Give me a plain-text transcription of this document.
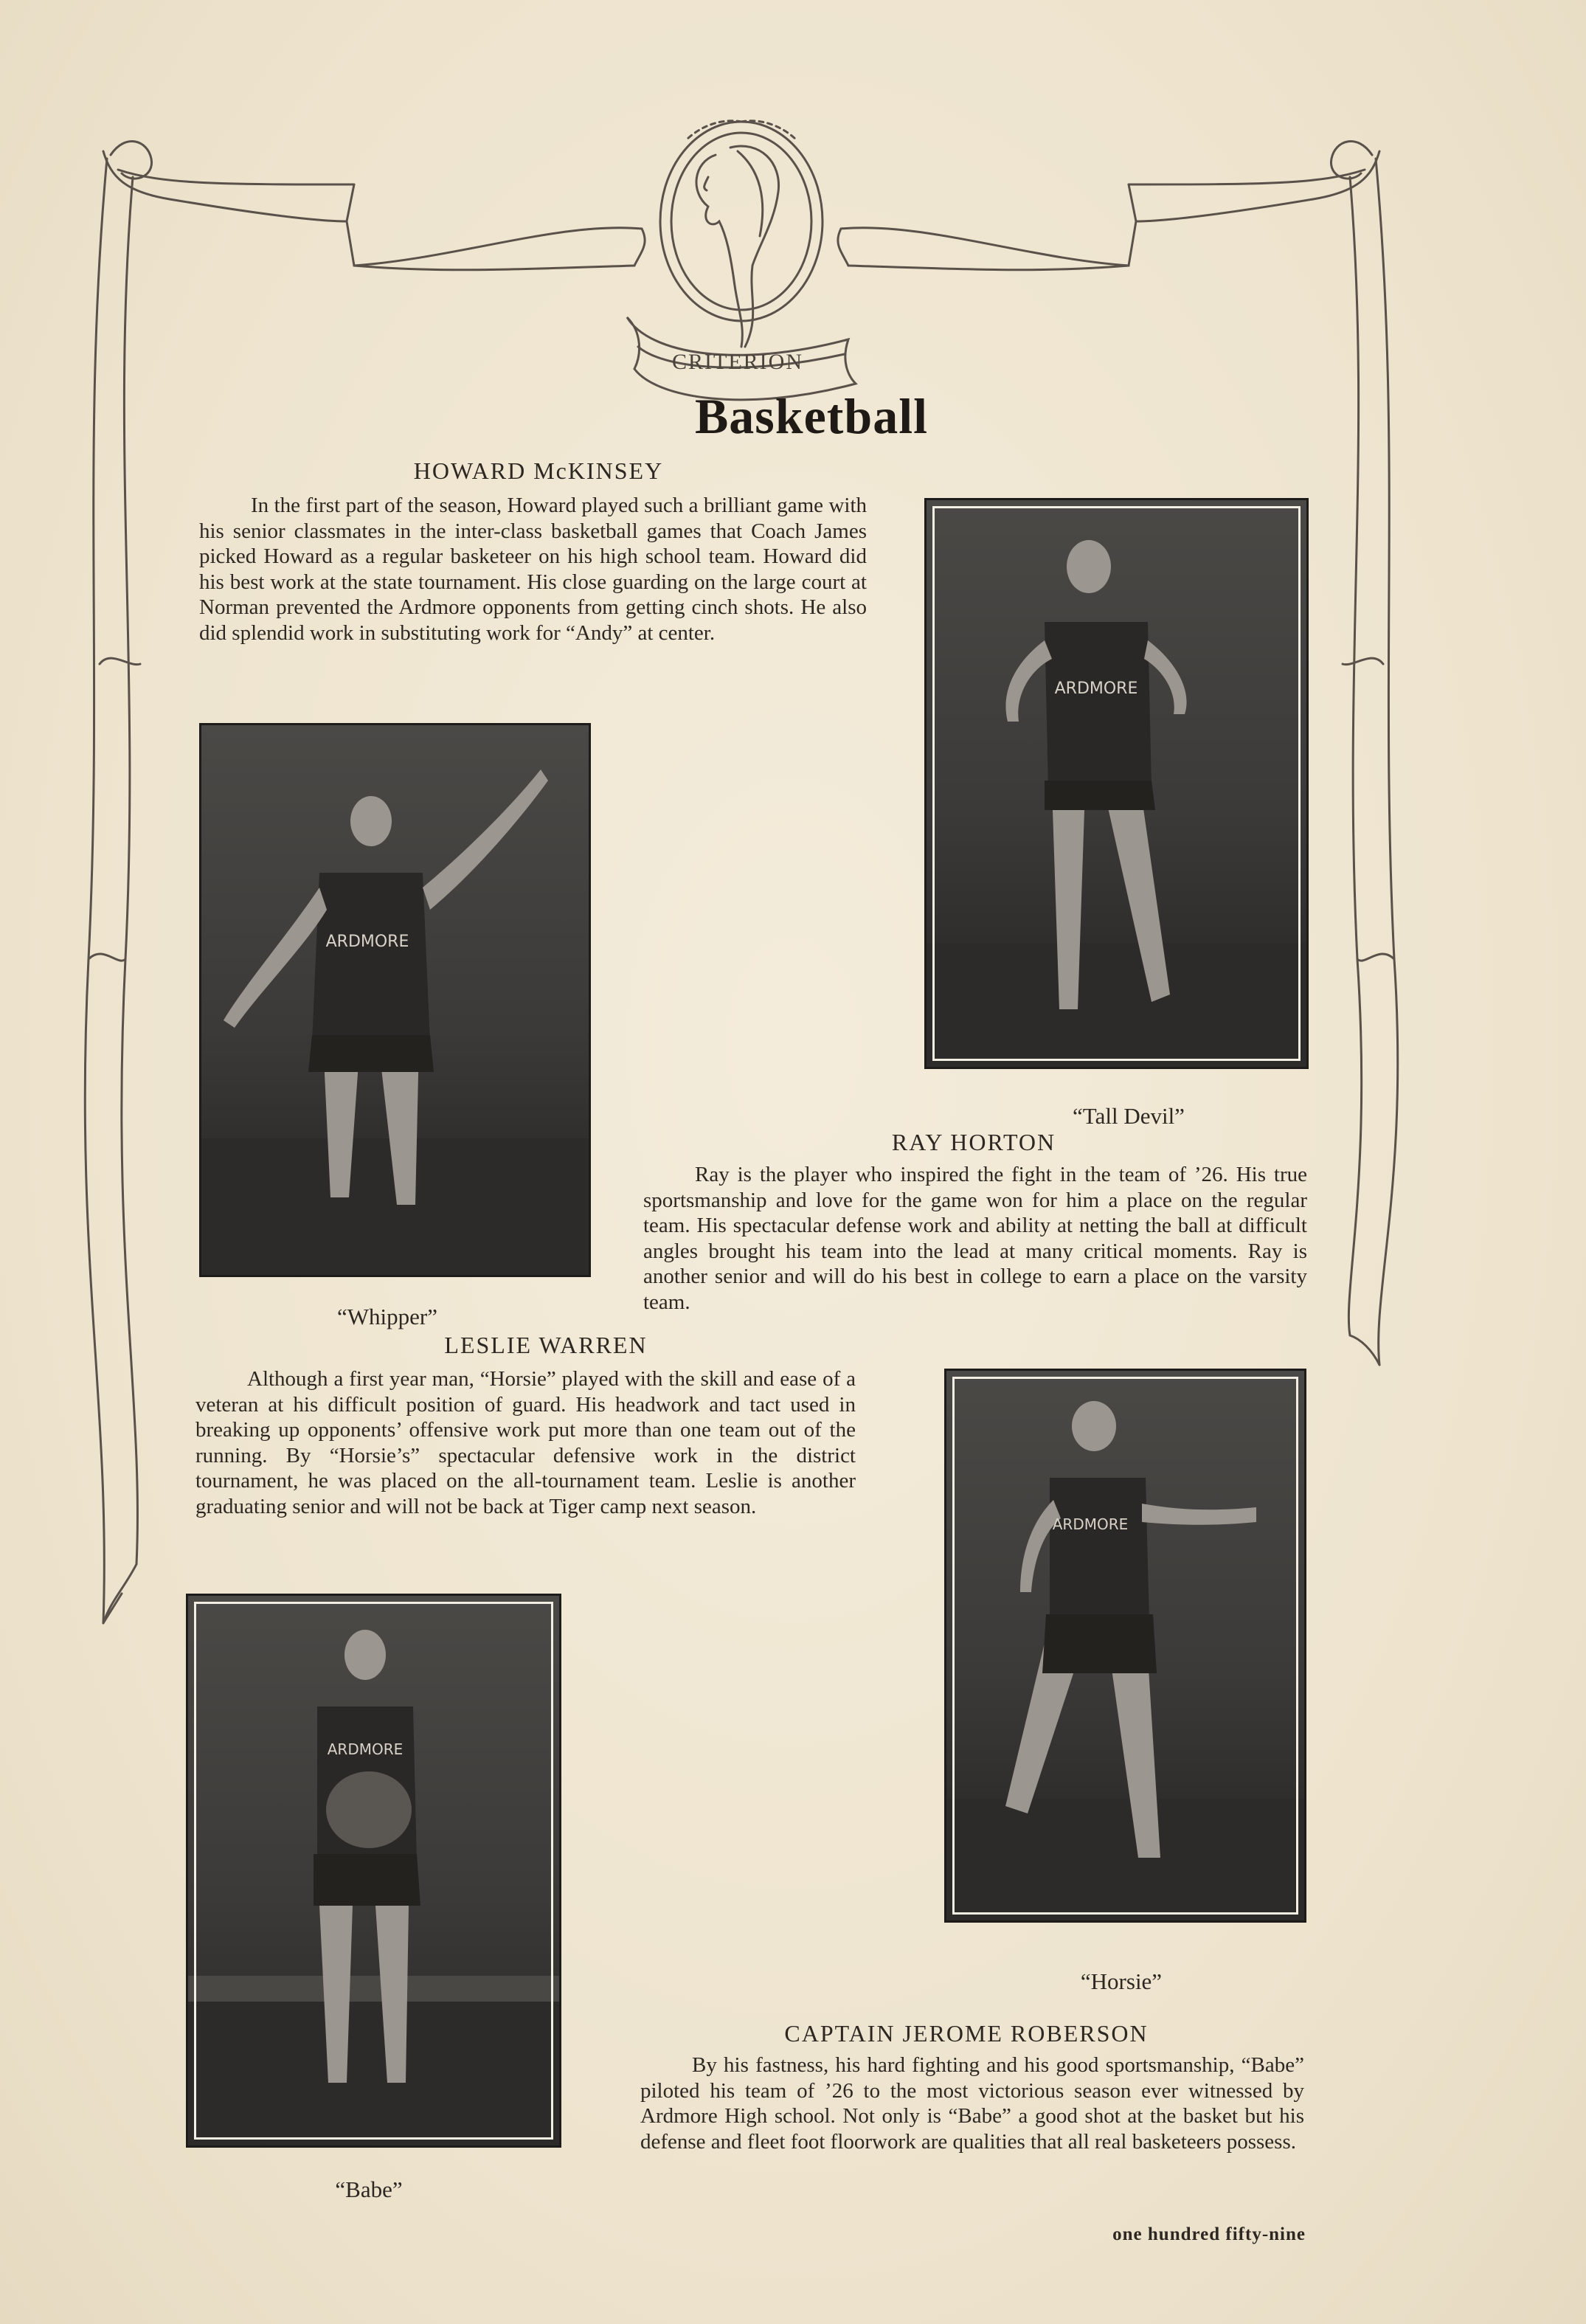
CRITERION
Basketball
HOWARD McKINSEY
In the first part of the season, Howard played such a brilliant game with his senior classmates in the inter-class basketball games that Coach James picked Howard as a regular basketeer on his high school team. Howard did his best work at the state tournament. His close guarding on the large court at Norman prevented the Ardmore opponents from getting cinch shots. He also did splendid work in substituting work for “Andy” at center.
ARDMORE
“Whipper”
ARDMORE
“Tall Devil”
RAY HORTON
Ray is the player who inspired the fight in the team of ’26. His true sportsmanship and love for the game won for him a place on the regular team. His spectacular defense work and ability at netting the ball at difficult angles brought his team into the lead at many critical moments. Ray is another senior and will do his best in college to earn a place on the varsity team.
LESLIE WARREN
Although a first year man, “Horsie” played with the skill and ease of a veteran at his difficult position of guard. His headwork and tact used in breaking up opponents’ offensive work put more than one team out of the running. By “Horsie’s” spectacular defensive work in the district tournament, he was placed on the all-tournament team. Leslie is another graduating senior and will not be back at Tiger camp next season.
ARDMORE
“Horsie”
ARDMORE
“Babe”
CAPTAIN JEROME ROBERSON
By his fastness, his hard fighting and his good sportsmanship, “Babe” piloted his team of ’26 to the most victorious season ever witnessed by Ardmore High school. Not only is “Babe” a good shot at the basket but his defense and fleet foot floorwork are qualities that all real basketeers possess.
one hundred fifty-nine
